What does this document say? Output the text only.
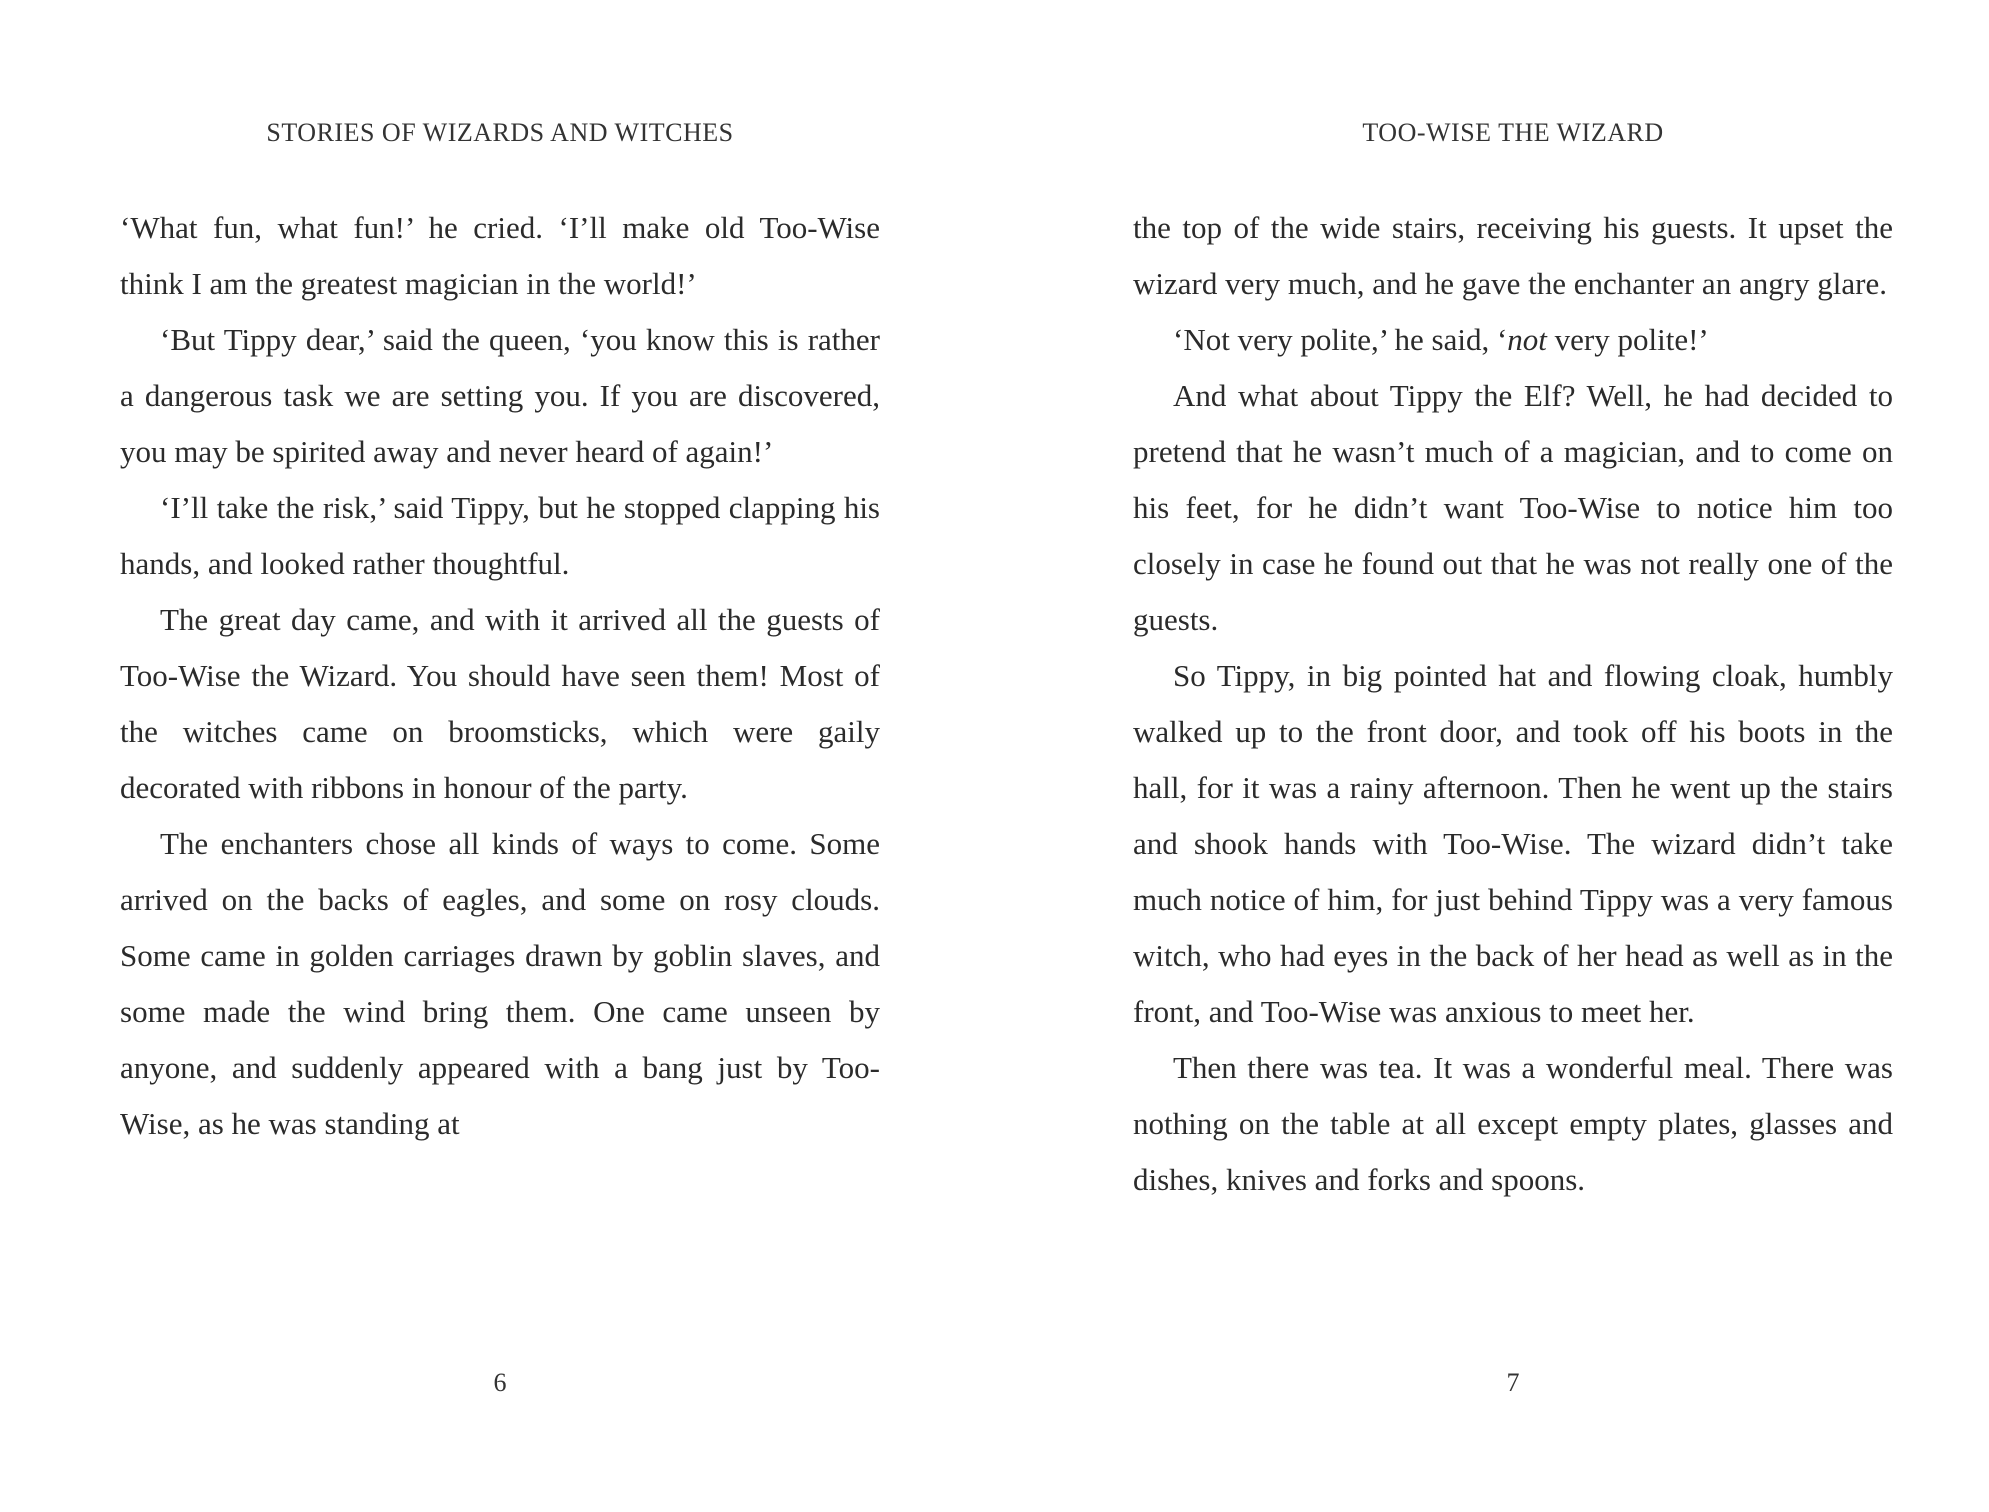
STORIES OF WIZARDS AND WITCHES

‘What fun, what fun!’ he cried. ‘I’ll make old Too-Wise think I am the greatest magician in the world!’

‘But Tippy dear,’ said the queen, ‘you know this is rather a dangerous task we are setting you. If you are discovered, you may be spirited away and never heard of again!’

‘I’ll take the risk,’ said Tippy, but he stopped clapping his hands, and looked rather thoughtful.

The great day came, and with it arrived all the guests of Too-Wise the Wizard. You should have seen them! Most of the witches came on broomsticks, which were gaily decorated with ribbons in honour of the party.

The enchanters chose all kinds of ways to come. Some arrived on the backs of eagles, and some on rosy clouds. Some came in golden carriages drawn by goblin slaves, and some made the wind bring them. One came unseen by anyone, and suddenly appeared with a bang just by Too-Wise, as he was standing at

6
TOO-WISE THE WIZARD

the top of the wide stairs, receiving his guests. It upset the wizard very much, and he gave the enchanter an angry glare.

‘Not very polite,’ he said, ‘not very polite!’

And what about Tippy the Elf? Well, he had decided to pretend that he wasn’t much of a magician, and to come on his feet, for he didn’t want Too-Wise to notice him too closely in case he found out that he was not really one of the guests.

So Tippy, in big pointed hat and flowing cloak, humbly walked up to the front door, and took off his boots in the hall, for it was a rainy afternoon. Then he went up the stairs and shook hands with Too-Wise. The wizard didn’t take much notice of him, for just behind Tippy was a very famous witch, who had eyes in the back of her head as well as in the front, and Too-Wise was anxious to meet her.

Then there was tea. It was a wonderful meal. There was nothing on the table at all except empty plates, glasses and dishes, knives and forks and spoons.

7
